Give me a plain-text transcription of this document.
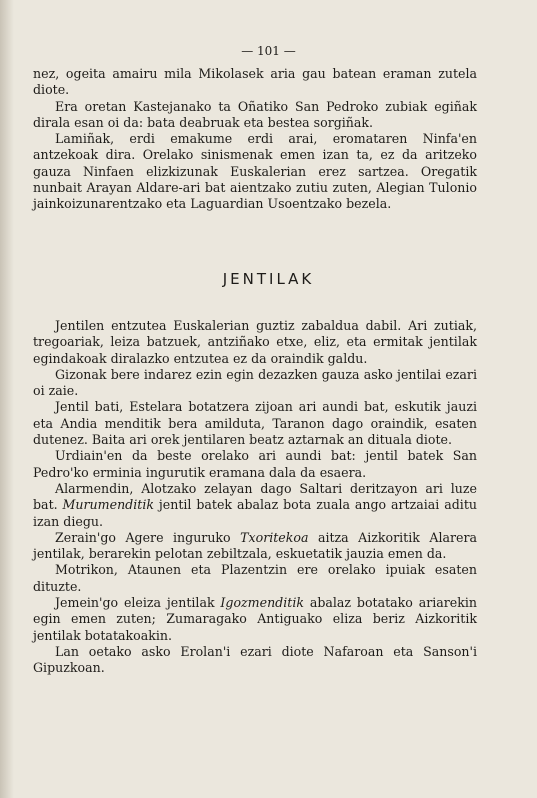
— 101 —

nez, ogeita amairu mila Mikolasek aria gau batean eraman zutela diote.

Era oretan Kastejanako ta Oñatiko San Pedroko zubiak egiñak dirala esan oi da: bata deabruak eta bestea sorgiñak.

Lamiñak, erdi emakume erdi arai, eromataren Ninfa'en antzekoak dira. Orelako sinismenak emen izan ta, ez da aritzeko gauza Ninfaen elizkizunak Euskalerian erez sartzea. Oregatik nunbait Arayan Aldare-ari bat aientzako zutiu zuten, Alegian Tulonio jainkoizunarentzako eta Laguardian Usoentzako bezela.

JENTILAK

Jentilen entzutea Euskalerian guztiz zabaldua dabil. Ari zutiak, tregoariak, leiza batzuek, antziñako etxe, eliz, eta ermitak jentilak egindakoak diralazko entzutea ez da oraindik galdu.

Gizonak bere indarez ezin egin dezazken gauza asko jentilai ezari oi zaie.

Jentil bati, Estelara botatzera zijoan ari aundi bat, eskutik jauzi eta Andia menditik bera amilduta, Taranon dago oraindik, esaten dutenez. Baita ari orek jentilaren beatz aztarnak an dituala diote.

Urdiain'en da beste orelako ari aundi bat: jentil batek San Pedro'ko erminia ingurutik eramana dala da esaera.

Alarmendin, Alotzako zelayan dago Saltari deritzayon ari luze bat. Murumenditik jentil batek abalaz bota zuala ango artzaiai aditu izan diegu.

Zerain'go Agere inguruko Txoritekoa aitza Aizkoritik Alarera jentilak, berarekin pelotan zebiltzala, eskuetatik jauzia emen da.

Motrikon, Ataunen eta Plazentzin ere orelako ipuiak esaten dituzte.

Jemein'go eleiza jentilak Igozmenditik abalaz botatako ariarekin egin emen zuten; Zumaragako Antiguako eliza beriz Aizkoritik jentilak botatakoakin.

Lan oetako asko Erolan'i ezari diote Nafaroan eta Sanson'i Gipuzkoan.
